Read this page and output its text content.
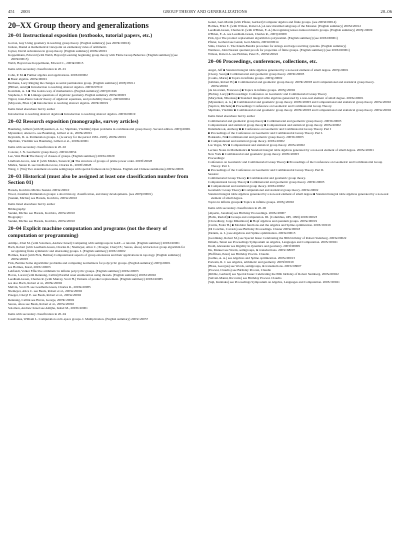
451 2003	GROUP THEORY AND GENERALIZATIONS	20–06
20–XX Group theory and generalizations
20–01 Instructional exposition (textbooks, tutorial papers, etc.)

Gorton, Guy Using geometry in teaching group theory. (English summary) (see 2003b:00016)

Judson, Daniel A mathematical viewpoint on elementary rules of arithmetic.

Joyner, David Adventures in group theory. (English summary) 2003k:20001

Koppelmann, Edward (with Webb, Bayard) Learning beginning group theory with Finite Group Behavior. (English summary) (see 2003i:00015)

Webb, Bayard see Koppelmann, Edward C., 2003k:00015

Items with secondary classification in 20–01

Cohn, P. M. ■ Further algebra and applications. 2003d:00002

■ Basic algebra. 2003e:00001

Dechene, Lucy Ringing the changes as serial permutation group. (English summary) 2003j:05011

[Hilbert, Arnd] ■ Introduction to teaching abstract algebra. 2003b:97010

Kostrikin, A. I. ■ The Galois-way of mathematics. (English summary) 2003j:01046

Stephens, I. N. ■ Linkage questions of algebraic geometry. English summary 2003e:00003

Tignol, Jean-Pierre Galois' theory of algebraic equations, and probability theory. 2003i:00004

(Mayorek, Ellen J.) ■ Introduction to teaching abstract algebra. 2003b:00019

Items listed elsewhere but by author

Introduction to teaching abstract algebra ■ Introduction to teaching abstract algebra. 2003b:00019

20–02 Research exposition (monographs, survey articles)

Baumslag, Gilbert (with Myasnikov, A. G.; Shpilrain, Vladimir) Open problems in combinatorial group theory. Second edition. 2003j:20001

Myasnikov, Alexei G. see Baumslag, Gilbert et al., 2003k:20001

Reynolds, D. A. Permutation groups. I. (A survey for the period 1981–1995). 2003k:20001

Shpilrain, Vladimir see Baumslag, Gilbert et al., 2003k:20001

Items with secondary classification in 20–02

Coxeter, J. N. Geometric group theory. 2003d:20054

Lee, Wen Bin ■ The theory of classes of groups. (English summary) 2003a:20029

Lindbom-Grove, Ann P. (with Mishra, Sunan R.) ■ The structure of groups of prime power order. 2003f:20028

Mishra, Sunan R. see Lindbom-Grove, Charles R., 2003f:20028

Wang, J. (Wu) Two statement on some semigroups with special framework in (Chinese. English and Chinese summaries) 2003e:20006

20–03 Historical (must also be assigned at least one classification number from Section 01)

Harada, Koichiro Michio Suzuki. 2003a:20010

Wood, Jonathan Permutation groups: a short history, classification, and many developments. (see 2003j:00001)

(Suzuki, Michio) see Harada, Koichiro, 2003a:20010

Items listed elsewhere but by author

Bibliography:

Suzuki, Michio see Harada, Koichiro, 2003a:20010

Biography:

Suzuki, Michio see Harada, Koichiro, 2003a:20010

20–04 Explicit machine computation and programs (not the theory of computation or programming)

Ammje, Jchel M. (with Solomon, Andrew Israel) Computing with semigroups in GAP—a tutorial. (English summary) 2003d:20001

Bach, Robert (with Leedham-Green, Charles R.; Niemeyer, Alice C.; Praeger, Cheryl E.; Seress, Ákos) A black-box group algorithm for recognizing finite symmetric and alternating groups. I. (English summary) 2003c:20002

Holmes, Karel (with Fick, Bettina) Computational aspects of group extensions and their applications in topology. (English summary) 2003e:20003

Fick, Bettina Some algorithmic problems and computing normalizers for polycyclic groups. (English summary) 2003j:20001

see Holmes, Karel, 2003c:20003

Lehfandt, Volker Effective arithmetic in infinite polycyclic groups. (English summary) 2003e:20003

Hovas, Lorant (with Rønnung, Cellini) Parallel reset enumeration using threads. (English summary) 2003d:20002

Leedham-Green, Charles R. (with Murray, Scott H.) Variants of product replacement. (English summary) 2003d:20085

see also Bach, Robert et al., 2003k:20002

Melvin, Scott H. see Leedham-Green, Charles R., 2003k:20085

Niemeyer, Alice C. see Beals, Robert et al., 2003a:20002

Praeger, Cheryl E. see Beals, Robert et al., 2003a:20002

Rønnung, Cellini see Havas, George, 2003b:20002

Seress, Ákos see Beals, Robert et al., 2003a:20002

Solomon, Andrew Israel see Amijhe, Isabel M., 2003b:20001

Items with secondary classification in 20–04

Casalvinas, William L. Computation on K-space groups. I. Multiplication. (English summary) 2003c:20057

Genul, Gert-Martin (with Pfister, Gerhard) Computer algebra and finite groups. (see 2003d:00014)

Holmes, Fritz E. (with Wilson, Robert A.) A new maximal subgroup of the Monster. (English summary) 2003d:20012

Leedham-Green, Charles R. (with O'Brien, E. A.) Recognising tensor-induced matrix groups. (English summary) 2003j:20009

O'Brien, E. A. see Leedham-Green, Charles R., 2003j:20009

Pick, Igor The product replacement algorithm is polynomial. (English summary) (see 2003d:68001)

Pfister, Gerhard see Genul, Gert-Martin, 2003d:00014

Sims, Charles C. The Knuth-Bendix procedure for strings and large rewriting systems. (English summary)

Wetmore, John Nearest quotient proofs for properties of finite groups. (English summary) (see 2003d:00001)

Wilson, Robert A. see Holmes, Peter E., 2003d:20022

20–06 Proceedings, conferences, collections, etc.

Angel, Jeff ■ Standard integral table algebras generated by a non-real element of small degree. 2003j:20001

(Cleary, Sean) ■ Combinatorial and geometric group theory. 2003b:20003

(Coutis, Mario) ■ Topics in infinite groups. 2003g:20002

(Gilman, Robert H.) ■ Combinatorial and geometric group theory. 2003b:20003 and Computational and statistical group theory. 2003a:20002

(de Giovanni, Francesco) ■ Topics in infinite groups. 2003g:20002

(Hobley, Lucy) ■ Proceedings: Conference on Geometric and Combinatorial Group Theory

(Marychuk, Nikolaus) ■ Standard integral table algebras generated by a non-real element of small degree. 2003e:20001

(Myasnikov, A. G.) ■ Combinatorial and geometric group theory. 2003b:20003 and Computational and statistical group theory. 2003a:20002

(Sapirov, Michele) ■ Proceedings: Conference on Geometric and Combinatorial Group Theory.

Shpilrain, Vladimir ■ Combinatorial and geometric group theory. 2003b:20003 and Computational and statistical group theory. 2003a:20002

Items listed elsewhere but by author

Combinatorial and geometric group theory ■ Combinatorial and geometric group theory. 2003b:20003

Computational and statistical group theory ■ Computational and statistical group theory. 2003a:20002

Dalemsbrook, Anthony ■ ■ Conference on Geometric and Combinatorial Group Theory. Part I

■ Proceedings of the Conference on Geometric and Combinatorial Group Theory. Part I.

Hokkaido, Ni ■ Combinatorial and geometric group theory. 2003b:20003

■ Computational and statistical group theory. 2003a:20002

Las Vegas, NV ■ Computational and statistical group theory. 2003a:20002

Lecture Notes in Mathematics ■ Standard integral table algebras generated by a non-real element of small degree. 2003e:20001

New York ■ Combinatorial and geometric group theory. 2003b:20003

Proceedings:

Conference on Geometric and Combinatorial Group Theory ■ Proceedings of the Conference on Geometric and Combinatorial Group Theory. Part I.

■ Proceedings of the Conference on Geometric and Combinatorial Group Theory. Part II.

Session:

Combinatorial Group Theory ■ Combinatorial and geometric group theory.

Computational Group Theory ■ Combinatorial and geometric group theory. 2003b:20003

■ Computational and statistical group theory. 2003a:20002

Geometric Group Theory ■ Computational and statistical group theory. 2003a:20002

Standard integral table algebras generated by a non-real element of small degree ■ Standard integral table algebras generated by a non-real element of small degree.

Topics in infinite groups ■ Topics in infinite groups. 2003g:20002

Items with secondary classification in 20–06

(Alperin, Jonathan) see Birthday Proceedings. 2003e:28007

(Balla, Rudolf) ■ Groups and computation. III. (Columbus, OH, 1999) 2003i:00023

(Chowdhury, Jorge Mikulincer) ■ Hopf algebras and quantum groups. 2003e:00019

(Curtis, Fedor B.) ■ Modular functions and the Algebra and Spline optimization. 2003c:00019

(Di Conchio, Corrado) see Birthday Proceedings. Cluster 2003e:00018

(Dennis, A. L.) see Algebras and Spline optimization. 2003a:00013

(Gordinsky, Robert M.) see Special Issue: Celebrating the 80th birthday of Robert Steinberg. 2003e:00022

Dmuda, Tetusi see Proceedings Symposium on Algebra, Languages and Computation. 2003c:00021

Dodd, Alexander see Rigidity in dynamics and geometry. 2003f:00009

Du, Manuel see Words, semigroups, & transductions. 2003c:68007

(Hoffman, Peter) see Birthday Procris. Claudio

(Gallus, A. A.) see Algebras and Spline optimization. 2003a:00013

Portesin, R. J. see Algebra, arithmetic and geometry. 2003f:00019

(Blass, Georgus) see Words, semigroups, & transductions. 2003c:68007

(Procesi, Claudio) see Birthday Procesi, Claudio

(Ribble, Gerhard) see Special Issue: Celebrating the 80th birthday of Robert Steinberg. 2003e:00022

(Salvati-Manni, Riccardo) see Birthday Procesi. Claudio

(Suji, Kunitaka) see Proceedings Symposium on Algebra, Languages and Computation. 2003c:00021
